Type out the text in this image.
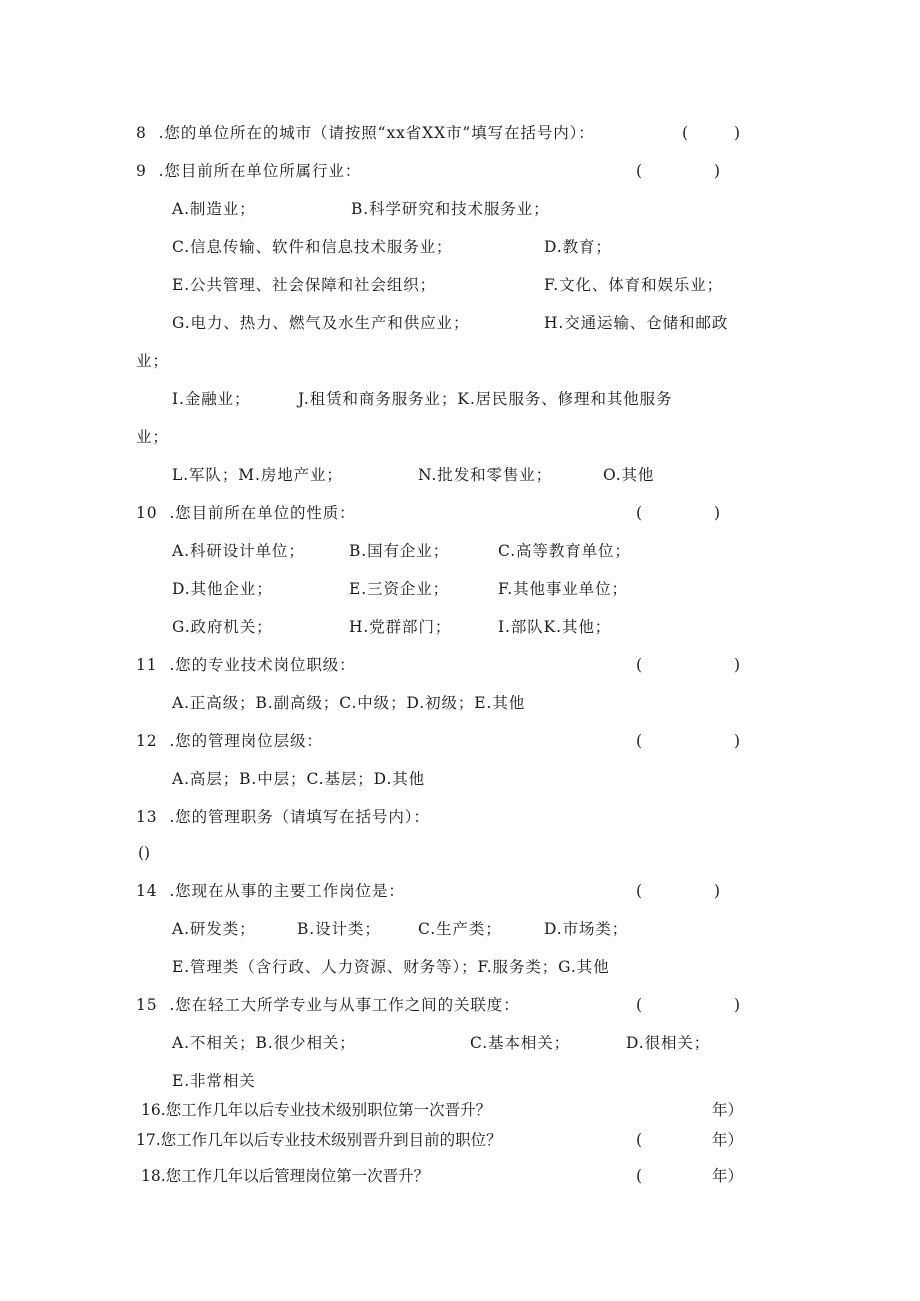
8 .您的单位所在的城市（请按照“xx省XX市”填写在括号内）：	(	)
9 .您目前所在单位所属行业：	(	)
A.制造业；	B.科学研究和技术服务业；
C.信息传输、软件和信息技术服务业；	D.教育；
E.公共管理、社会保障和社会组织；	F.文化、体育和娱乐业；
G.电力、热力、燃气及水生产和供应业；	H.交通运输、仓储和邮政
业；
I.金融业；	J.租赁和商务服务业；K.居民服务、修理和其他服务
业；
L.军队；M.房地产业；	N.批发和零售业；	O.其他
10 .您目前所在单位的性质：	(	)
A.科研设计单位；	B.国有企业；	C.高等教育单位；
D.其他企业；	E.三资企业；	F.其他事业单位；
G.政府机关；	H.党群部门；	I.部队K.其他；
11 .您的专业技术岗位职级：	(	)
A.正高级；B.副高级；C.中级；D.初级；E.其他
12 .您的管理岗位层级：	(	)
A.高层；B.中层；C.基层；D.其他
13 .您的管理职务（请填写在括号内）：
()
14 .您现在从事的主要工作岗位是：	(	)
A.研发类；	B.设计类； C.生产类；	D.市场类；
E.管理类（含行政、人力资源、财务等）；F.服务类；G.其他
15 .您在轻工大所学专业与从事工作之间的关联度：	(	)
A.不相关；B.很少相关；	C.基本相关；	D.很相关；
E.非常相关
16.您工作几年以后专业技术级别职位第一次晋升？	年）
17.您工作几年以后专业技术级别晋升到目前的职位？	(	年）
18.您工作几年以后管理岗位第一次晋升？	(	年）
